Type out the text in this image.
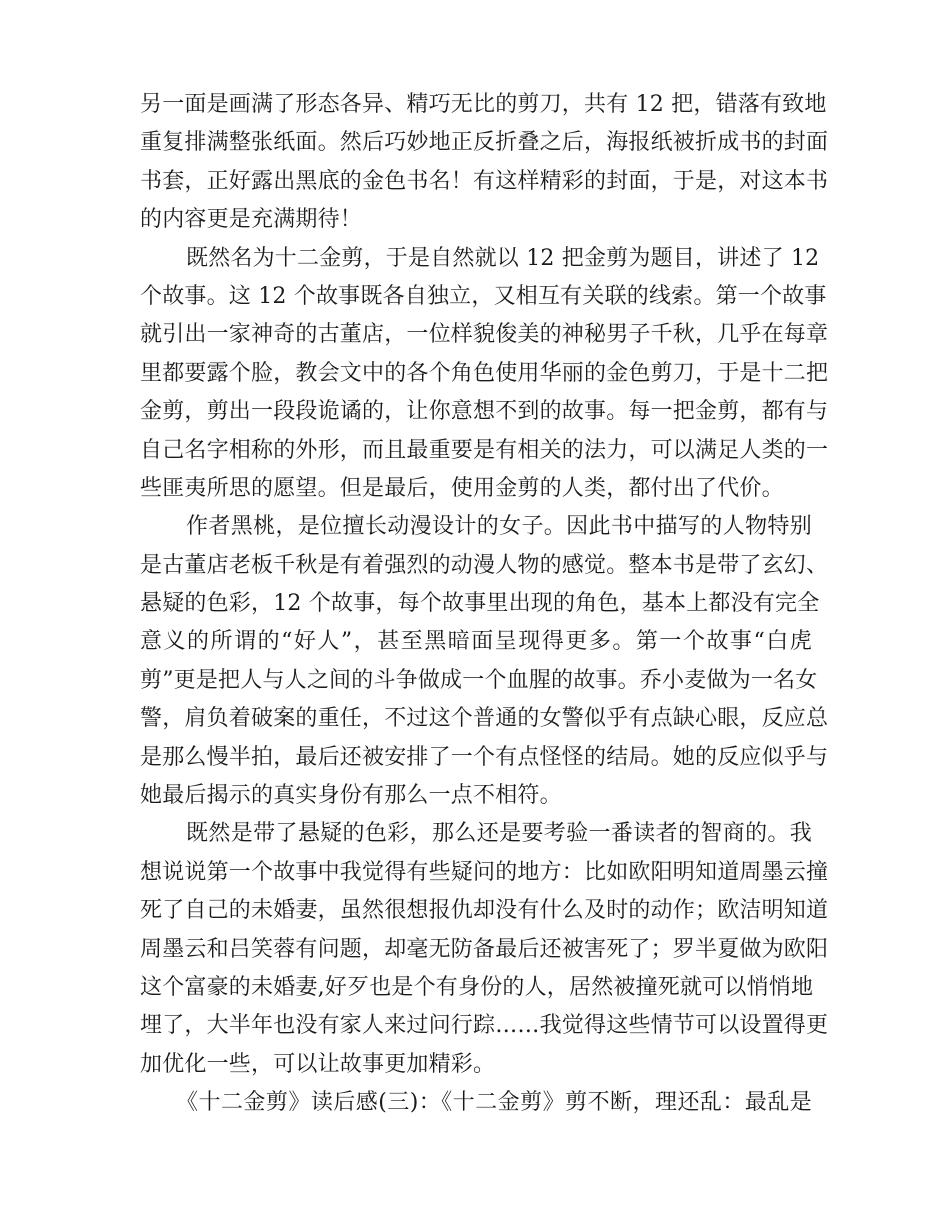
另一面是画满了形态各异、精巧无比的剪刀，共有 12 把，错落有致地
重复排满整张纸面。然后巧妙地正反折叠之后，海报纸被折成书的封面
书套，正好露出黑底的金色书名！有这样精彩的封面，于是，对这本书
的内容更是充满期待！
既然名为十二金剪，于是自然就以 12 把金剪为题目，讲述了 12
个故事。这 12 个故事既各自独立，又相互有关联的线索。第一个故事
就引出一家神奇的古董店，一位样貌俊美的神秘男子千秋，几乎在每章
里都要露个脸，教会文中的各个角色使用华丽的金色剪刀，于是十二把
金剪，剪出一段段诡谲的，让你意想不到的故事。每一把金剪，都有与
自己名字相称的外形，而且最重要是有相关的法力，可以满足人类的一
些匪夷所思的愿望。但是最后，使用金剪的人类，都付出了代价。
作者黑桃，是位擅长动漫设计的女子。因此书中描写的人物特别
是古董店老板千秋是有着强烈的动漫人物的感觉。整本书是带了玄幻、
悬疑的色彩，12 个故事，每个故事里出现的角色，基本上都没有完全
意义的所谓的“好人”，甚至黑暗面呈现得更多。第一个故事“白虎
剪”更是把人与人之间的斗争做成一个血腥的故事。乔小麦做为一名女
警，肩负着破案的重任，不过这个普通的女警似乎有点缺心眼，反应总
是那么慢半拍，最后还被安排了一个有点怪怪的结局。她的反应似乎与
她最后揭示的真实身份有那么一点不相符。
既然是带了悬疑的色彩，那么还是要考验一番读者的智商的。我
想说说第一个故事中我觉得有些疑问的地方：比如欧阳明知道周墨云撞
死了自己的未婚妻，虽然很想报仇却没有什么及时的动作；欧洁明知道
周墨云和吕笑蓉有问题，却毫无防备最后还被害死了；罗半夏做为欧阳
这个富豪的未婚妻,好歹也是个有身份的人，居然被撞死就可以悄悄地
埋了，大半年也没有家人来过问行踪……我觉得这些情节可以设置得更
加优化一些，可以让故事更加精彩。
《十二金剪》读后感(三)：《十二金剪》剪不断，理还乱：最乱是
